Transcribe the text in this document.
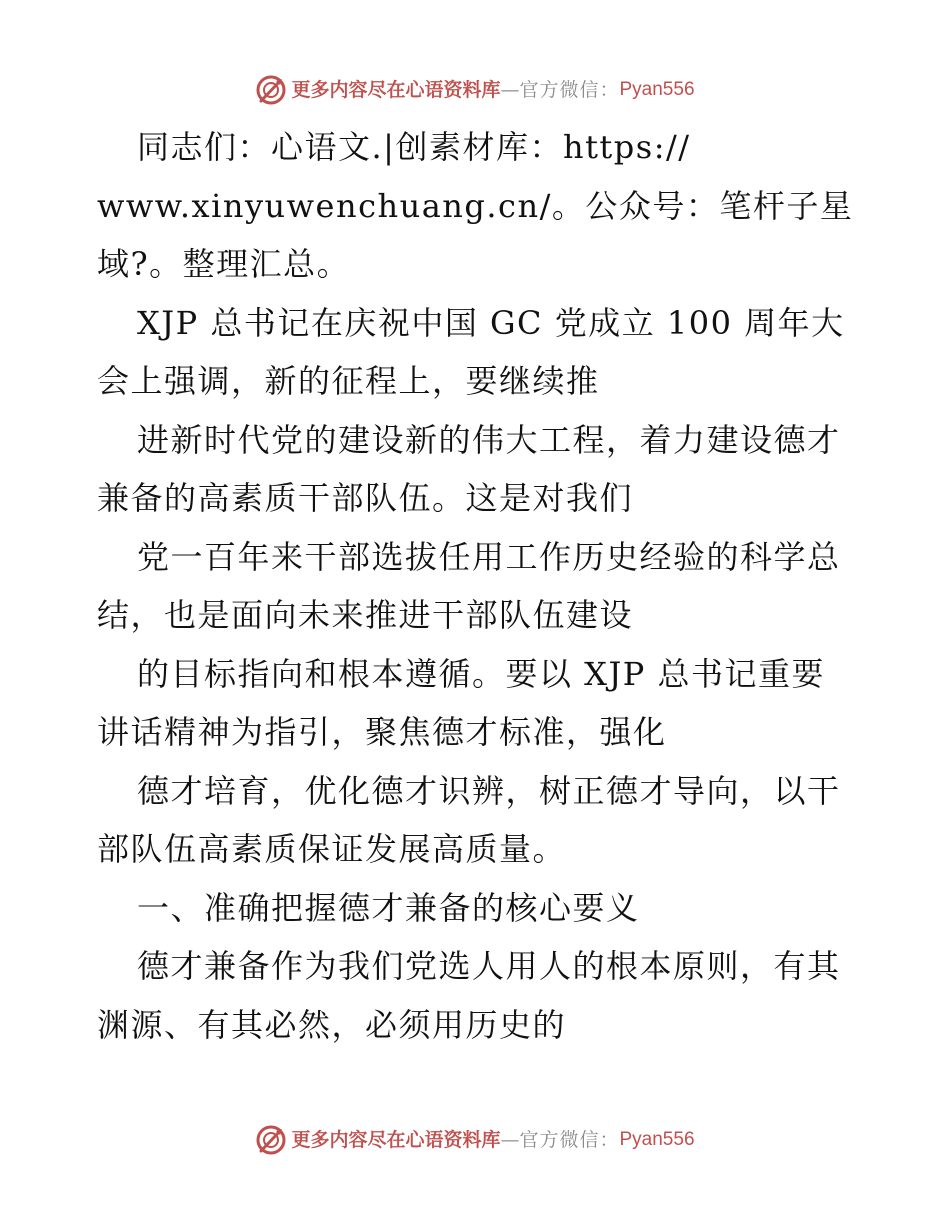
更多内容尽在心语资料库 — 官方微信： Pyan556
同志们：心语文.|创素材库：https://
www.xinyuwenchuang.cn/。公众号：笔杆子星
域?。整理汇总。
XJP 总书记在庆祝中国 GC 党成立 100 周年大
会上强调，新的征程上，要继续推
进新时代党的建设新的伟大工程，着力建设德才
兼备的高素质干部队伍。这是对我们
党一百年来干部选拔任用工作历史经验的科学总
结，也是面向未来推进干部队伍建设
的目标指向和根本遵循。要以 XJP 总书记重要
讲话精神为指引，聚焦德才标准，强化
德才培育，优化德才识辨，树正德才导向，以干
部队伍高素质保证发展高质量。
一、准确把握德才兼备的核心要义
德才兼备作为我们党选人用人的根本原则，有其
渊源、有其必然，必须用历史的
更多内容尽在心语资料库 — 官方微信： Pyan556
